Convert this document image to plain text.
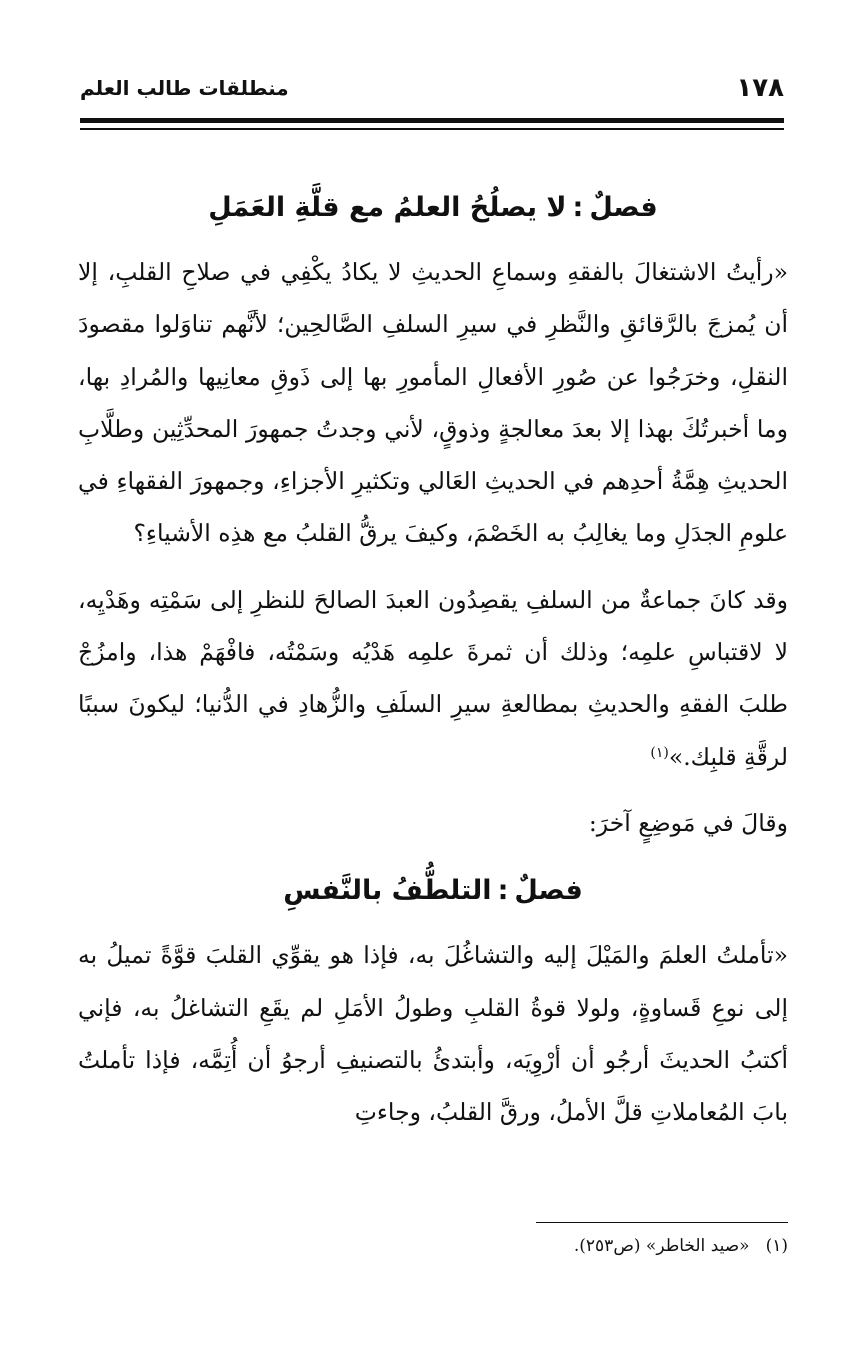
١٧٨
منطلقات طالب العلم
فصلٌ:لا يصلُحُ العلمُ مع قلَّةِ العَمَلِ

«رأيتُ الاشتغالَ بالفقهِ وسماعِ الحديثِ لا يكادُ يكْفِي في صلاحِ القلبِ، إلا أن يُمزجَ بالرَّقائقِ والنَّظرِ في سيرِ السلفِ الصَّالحِين؛ لأنَّهم تناوَلوا مقصودَ النقلِ، وخرَجُوا عن صُورِ الأفعالِ المأمورِ بها إلى ذَوقِ معانِيها والمُرادِ بها، وما أخبرتُكَ بهذا إلا بعدَ معالجةٍ وذوقٍ، لأني وجدتُ جمهورَ المحدِّثِين وطلَّابِ الحديثِ هِمَّةُ أحدِهم في الحديثِ العَالي وتكثيرِ الأجزاءِ، وجمهورَ الفقهاءِ في علومِ الجدَلِ وما يغالِبُ به الخَصْمَ، وكيفَ يرقُّ القلبُ مع هذِه الأشياءِ؟

وقد كانَ جماعةٌ من السلفِ يقصِدُون العبدَ الصالحَ للنظرِ إلى سَمْتِه وهَدْيِه، لا لاقتباسِ علمِه؛ وذلك أن ثمرةَ علمِه هَدْيُه وسَمْتُه، فافْهَمْ هذا، وامزُجْ طلبَ الفقهِ والحديثِ بمطالعةِ سيرِ السلَفِ والزُّهادِ في الدُّنيا؛ ليكونَ سببًا لرقَّةِ قلبِك.»$^{(١)}$

وقالَ في مَوضِعٍ آخرَ:

فصلٌ:التلطُّفُ بالنَّفسِ

«تأملتُ العلمَ والمَيْلَ إليه والتشاغُلَ به، فإذا هو يقوِّي القلبَ قوَّةً تميلُ به إلى نوعِ قَساوةٍ، ولولا قوةُ القلبِ وطولُ الأمَلِ لم يقَعِ التشاغلُ به، فإني أكتبُ الحديثَ أرجُو أن أرْوِيَه، وأبتدئُ بالتصنيفِ أرجوُ أن أُتِمَّه، فإذا تأملتُ بابَ المُعاملاتِ قلَّ الأملُ، ورقَّ القلبُ، وجاءتِ

(١)«صيد الخاطر» (ص٢٥٣).
